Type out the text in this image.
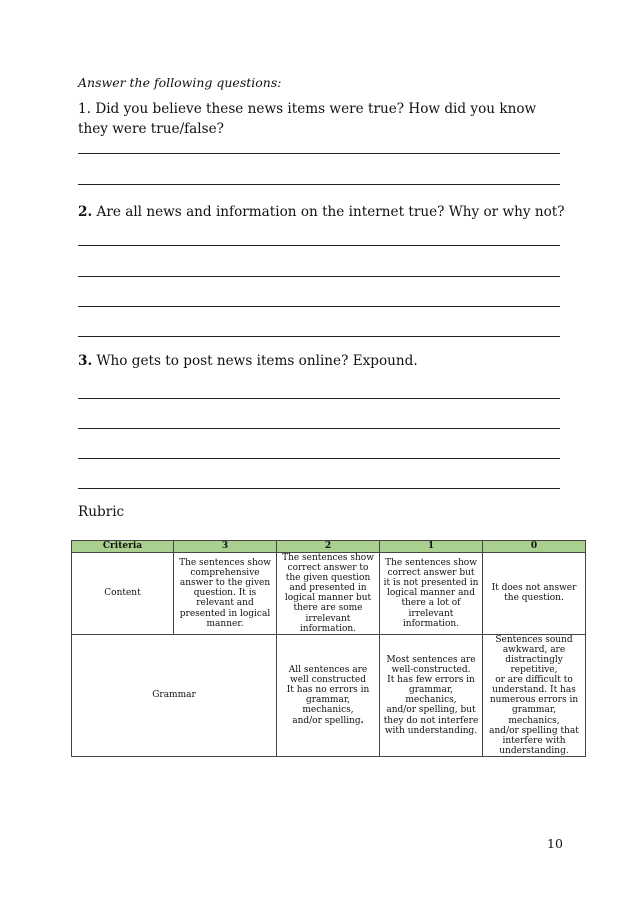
Answer the following questions:
1. Did you believe these news items were true? How did you know they were true/false?
2. Are all news and information on the internet true? Why or why not?
3. Who gets to post news items online? Expound.
Rubric
Criteria	3	2	1	0
Content	The sentences show comprehensive answer to the given question. It is relevant and presented in logical manner.	The sentences show correct answer to the given question and presented in logical manner but there are some irrelevant information.	The sentences show correct answer but it is not presented in logical manner and there a lot of irrelevant information.	It does not answer the question.
Grammar		All sentences are well constructed
It has no errors in grammar,
mechanics,
and/or spelling.	Most sentences are well-constructed.
It has few errors in grammar,
mechanics,
and/or spelling, but they do not interfere with understanding.	Sentences sound awkward, are distractingly repetitive,
or are difficult to understand. It has numerous errors in grammar,
mechanics,
and/or spelling that interfere with understanding.
10
